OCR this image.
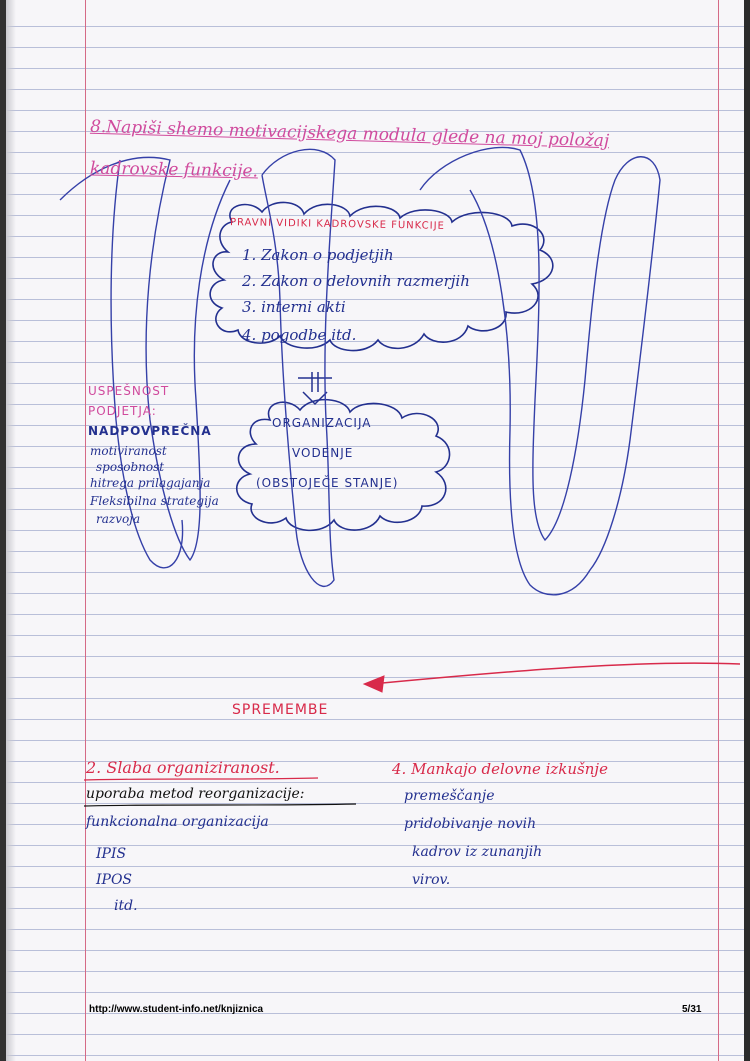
8.Napiši shemo motivacijskega modula glede na moj položaj
kadrovske funkcije.
PRAVNI VIDIKI KADROVSKE FUNKCIJE
1. Zakon o podjetjih
2. Zakon o delovnih razmerjih
3. interni akti
4. pogodbe itd.
ORGANIZACIJA
VODENJE
(OBSTOJEČE STANJE)
USPEŠNOST
PODJETJA:
NADPOVPREČNA
motiviranost
sposobnost
hitrega prilagajanja
Fleksibilna strategija
razvoja
SPREMEMBE
2. Slaba organiziranost.
uporaba metod reorganizacije:
funkcionalna organizacija
IPIS
IPOS
itd.
4. Mankajo delovne izkušnje
premeščanje
pridobivanje novih
kadrov iz zunanjih
virov.
http://www.student-info.net/knjiznica	5/31
